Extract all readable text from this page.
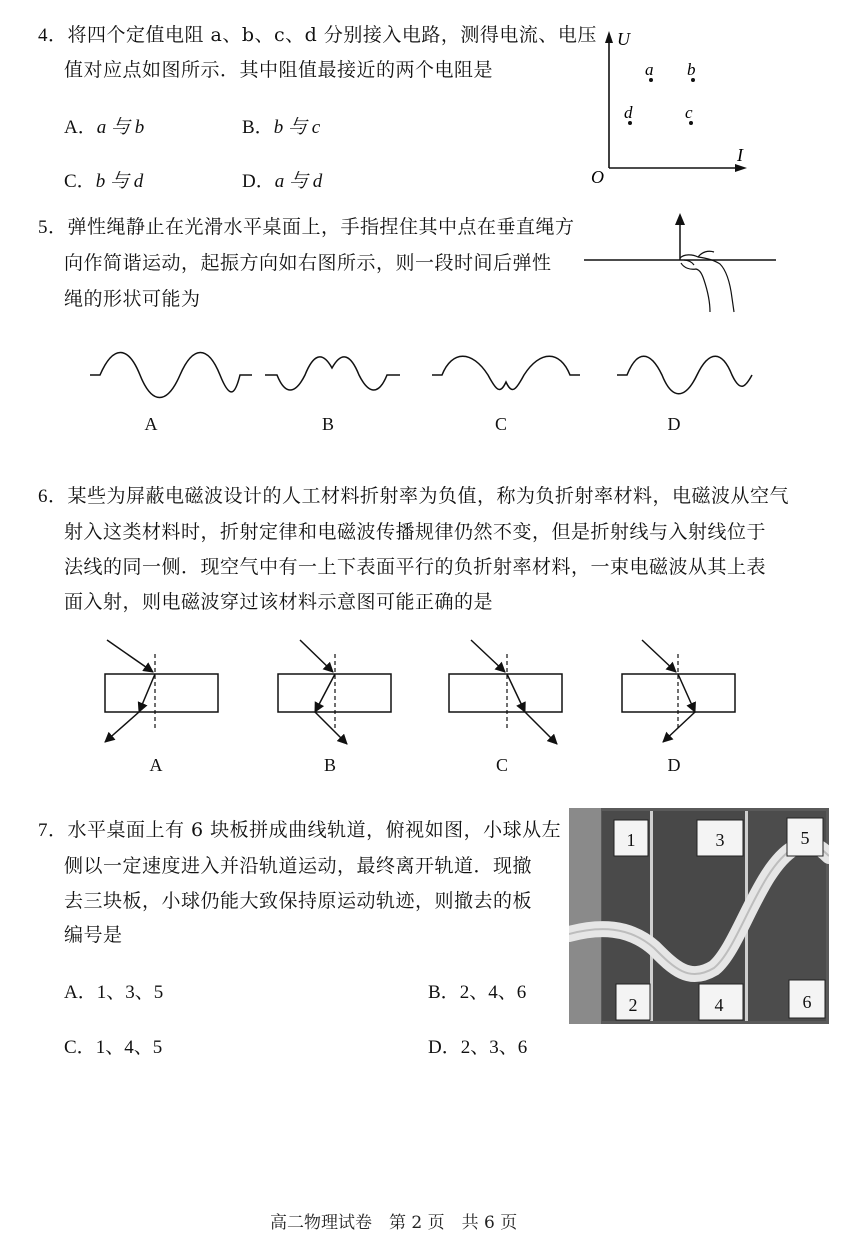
4．将四个定值电阻 a、b、c、d 分别接入电路，测得电流、电压
值对应点如图所示．其中阻值最接近的两个电阻是
A．a 与 b	B．b 与 c
C．b 与 d	D．a 与 d
U
I
O
a b
d	c
5．弹性绳静止在光滑水平桌面上，手指捏住其中点在垂直绳方
向作简谐运动，起振方向如右图所示，则一段时间后弹性
绳的形状可能为
A	B	C	D
6．某些为屏蔽电磁波设计的人工材料折射率为负值，称为负折射率材料，电磁波从空气
射入这类材料时，折射定律和电磁波传播规律仍然不变，但是折射线与入射线位于
法线的同一侧．现空气中有一上下表面平行的负折射率材料，一束电磁波从其上表
面入射，则电磁波穿过该材料示意图可能正确的是
A	B	C	D
7．水平桌面上有 6 块板拼成曲线轨道，俯视如图，小球从左
侧以一定速度进入并沿轨道运动，最终离开轨道．现撤
去三块板，小球仍能大致保持原运动轨迹，则撤去的板
编号是
A．1、3、5	B．2、4、6
C．1、4、5	D．2、3、6
1	3	5
2	4	6
高二物理试卷　第 2 页　共 6 页
